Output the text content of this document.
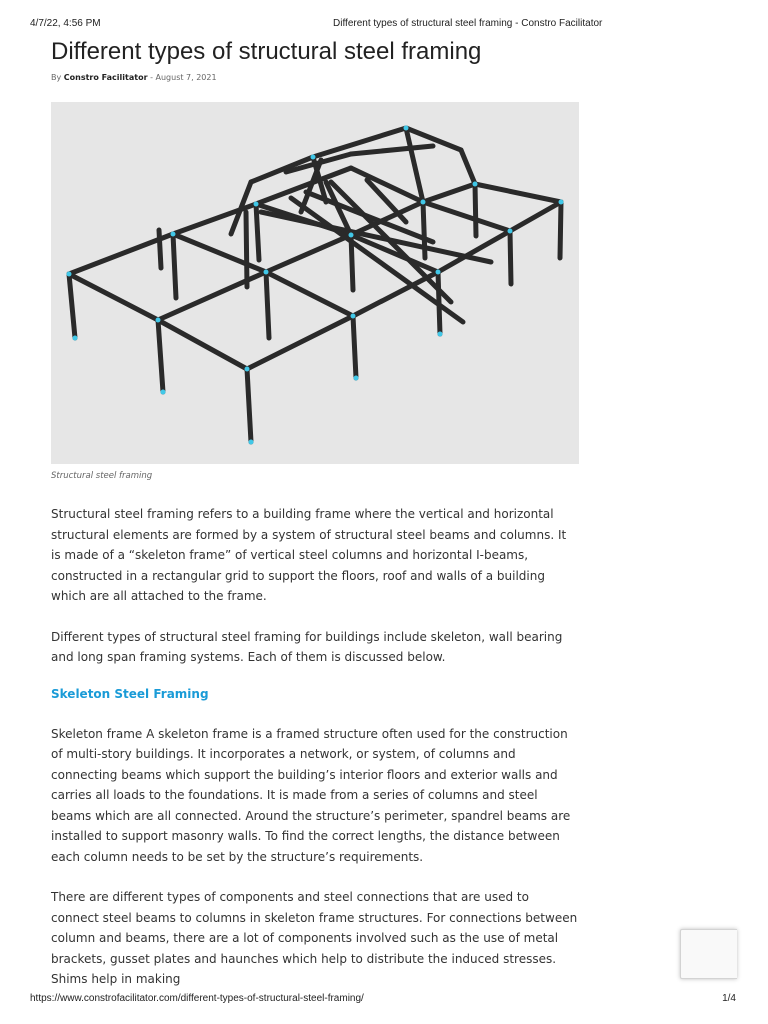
4/7/22, 4:56 PM	Different types of structural steel framing - Constro Facilitator
Different types of structural steel framing
By Constro Facilitator - August 7, 2021
Structural steel framing

Structural steel framing refers to a building frame where the vertical and horizontal structural elements are formed by a system of structural steel beams and columns. It is made of a “skeleton frame” of vertical steel columns and horizontal I-beams, constructed in a rectangular grid to support the floors, roof and walls of a building which are all attached to the frame.

Different types of structural steel framing for buildings include skeleton, wall bearing and long span framing systems. Each of them is discussed below.

Skeleton Steel Framing

Skeleton frame A skeleton frame is a framed structure often used for the construction of multi-story buildings. It incorporates a network, or system, of columns and connecting beams which support the building’s interior floors and exterior walls and carries all loads to the foundations. It is made from a series of columns and steel beams which are all connected. Around the structure’s perimeter, spandrel beams are installed to support masonry walls. To find the correct lengths, the distance between each column needs to be set by the structure’s requirements.

There are different types of components and steel connections that are used to connect steel beams to columns in skeleton frame structures. For connections between column and beams, there are a lot of components involved such as the use of metal brackets, gusset plates and haunches which help to distribute the induced stresses. Shims help in making

https://www.constrofacilitator.com/different-types-of-structural-steel-framing/	1/4
